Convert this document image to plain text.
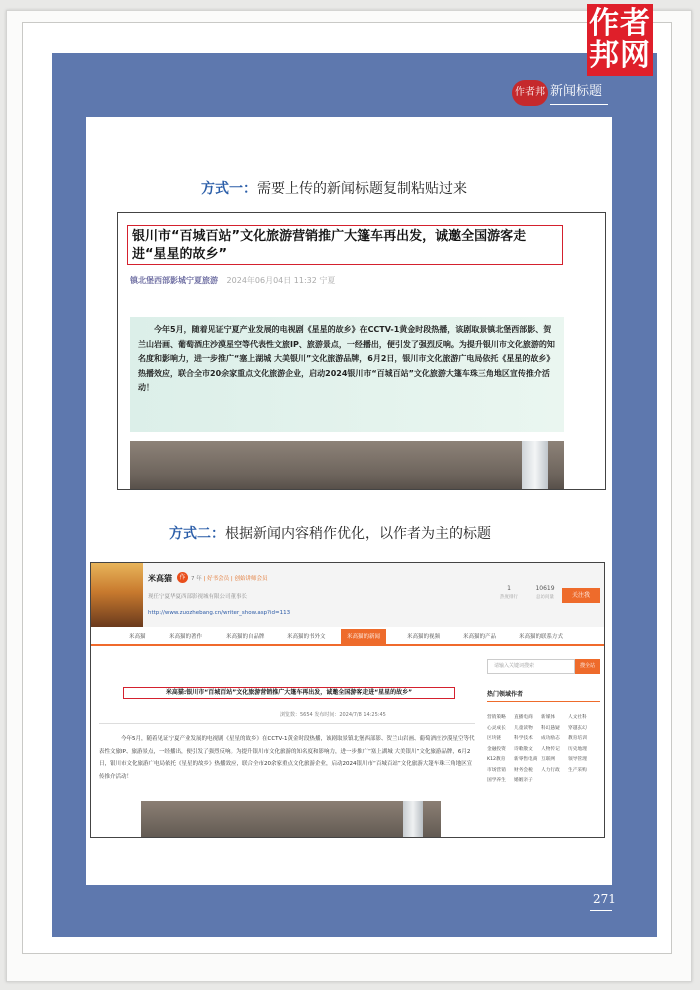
作者
邦网
作者邦 新闻标题
方式一：需要上传的新闻标题复制粘贴过来
银川市“百城百站”文化旅游营销推广大篷车再出发，诚邀全国游客走进“星星的故乡”
镇北堡西部影城宁夏旅游 2024年06月04日 11:32 宁夏
今年5月，随着见证宁夏产业发展的电视剧《星星的故乡》在CCTV-1黄金时段热播，该剧取景镇北堡西部影、贺兰山岩画、葡萄酒庄沙漠星空等代表性文旅IP、旅游景点，一经播出，便引发了强烈反响。为提升银川市文化旅游的知名度和影响力，进一步推广“塞上湖城 大美银川”文化旅游品牌，6月2日，银川市文化旅游广电局依托《星星的故乡》热播效应，联合全市20余家重点文化旅游企业，启动2024银川市“百城百站”文化旅游大篷车珠三角地区宣传推介活动！
方式二：根据新闻内容稍作优化，以作者为主的标题
米高猫	作	7 年 | 好书会员 | 创始讲师会员
现任宁夏华夏西部影视城有限公司董事长
http://www.zuozhebang.cn/writer_show.asp?id=113
1
热度排行
10619
总访问量	关注我
米高猫	米高猫的著作	米高猫的自品牌	米高猫的书外文	米高猫的新闻	米高猫的视频	米高猫的产品	米高猫的联系方式
米高猫:银川市“百城百站”文化旅游营销推广大篷车再出发，诚邀全国游客走进“星星的故乡”
浏览数：5654 发布时间：2024/7/8 14:25:45
今年5月，随着见证宁夏产业发展的电视剧《星星的故乡》在CCTV-1黄金时段热播，该剧取景镇北堡西部影、贺兰山岩画、葡萄酒庄沙漠星空等代表性文旅IP、旅游景点，一经播出，便引发了强烈反响。为提升银川市文化旅游的知名度和影响力，进一步推广“塞上湖城 大美银川”文化旅游品牌，6月2日，银川市文化旅游广电局依托《星星的故乡》热播效应，联合全市20余家重点文化旅游企业，启动2024银川市“百城百站”文化旅游大篷车珠三角地区宣传推介活动！
请输入关键词搜索	搜全站
热门领域作者
营销策略	直播电商	新媒体	人文社科
心灵成长	儿童读物	科幻悬疑	穿越玄幻
区块链	科学技术	成功励志	教育培训
金融投资	诗歌散文	人物传记	历史地理
K12教育	新零售电商 互联网	领导管理
市场营销	财务会税	人力行政	生产采购
国学养生	婚姻亲子
271
